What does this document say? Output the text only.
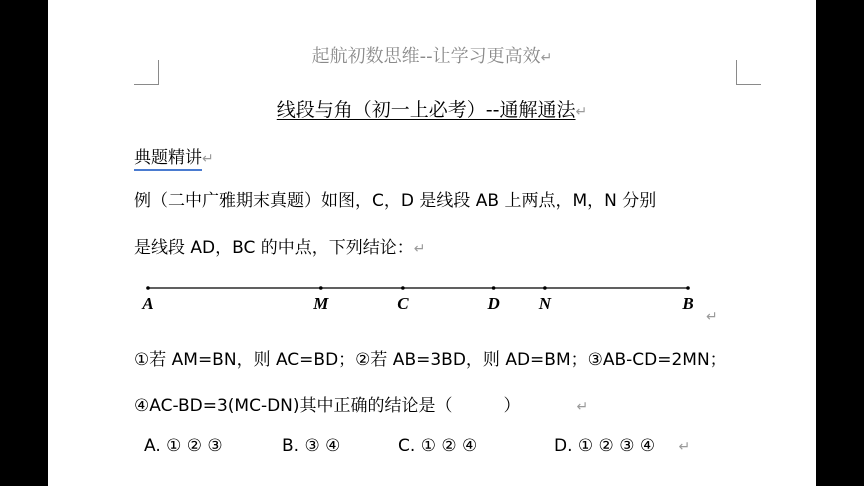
起航初数思维--让学习更高效↵
线段与角（初一上必考）--通解通法↵
典题精讲↵
例（二中广雅期末真题）如图，C，D 是线段 AB 上两点，M，N 分别
是线段 AD，BC 的中点，下列结论：↵
A	M	C	D N	B
↵
①若 AM=BN，则 AC=BD；②若 AB=3BD，则 AD=BM；③AB-CD=2MN；
④AC-BD=3(MC-DN)其中正确的结论是（　　　）	↵
A. ① ② ③	B. ③ ④	C. ① ② ④	D. ① ② ③ ④ ↵
